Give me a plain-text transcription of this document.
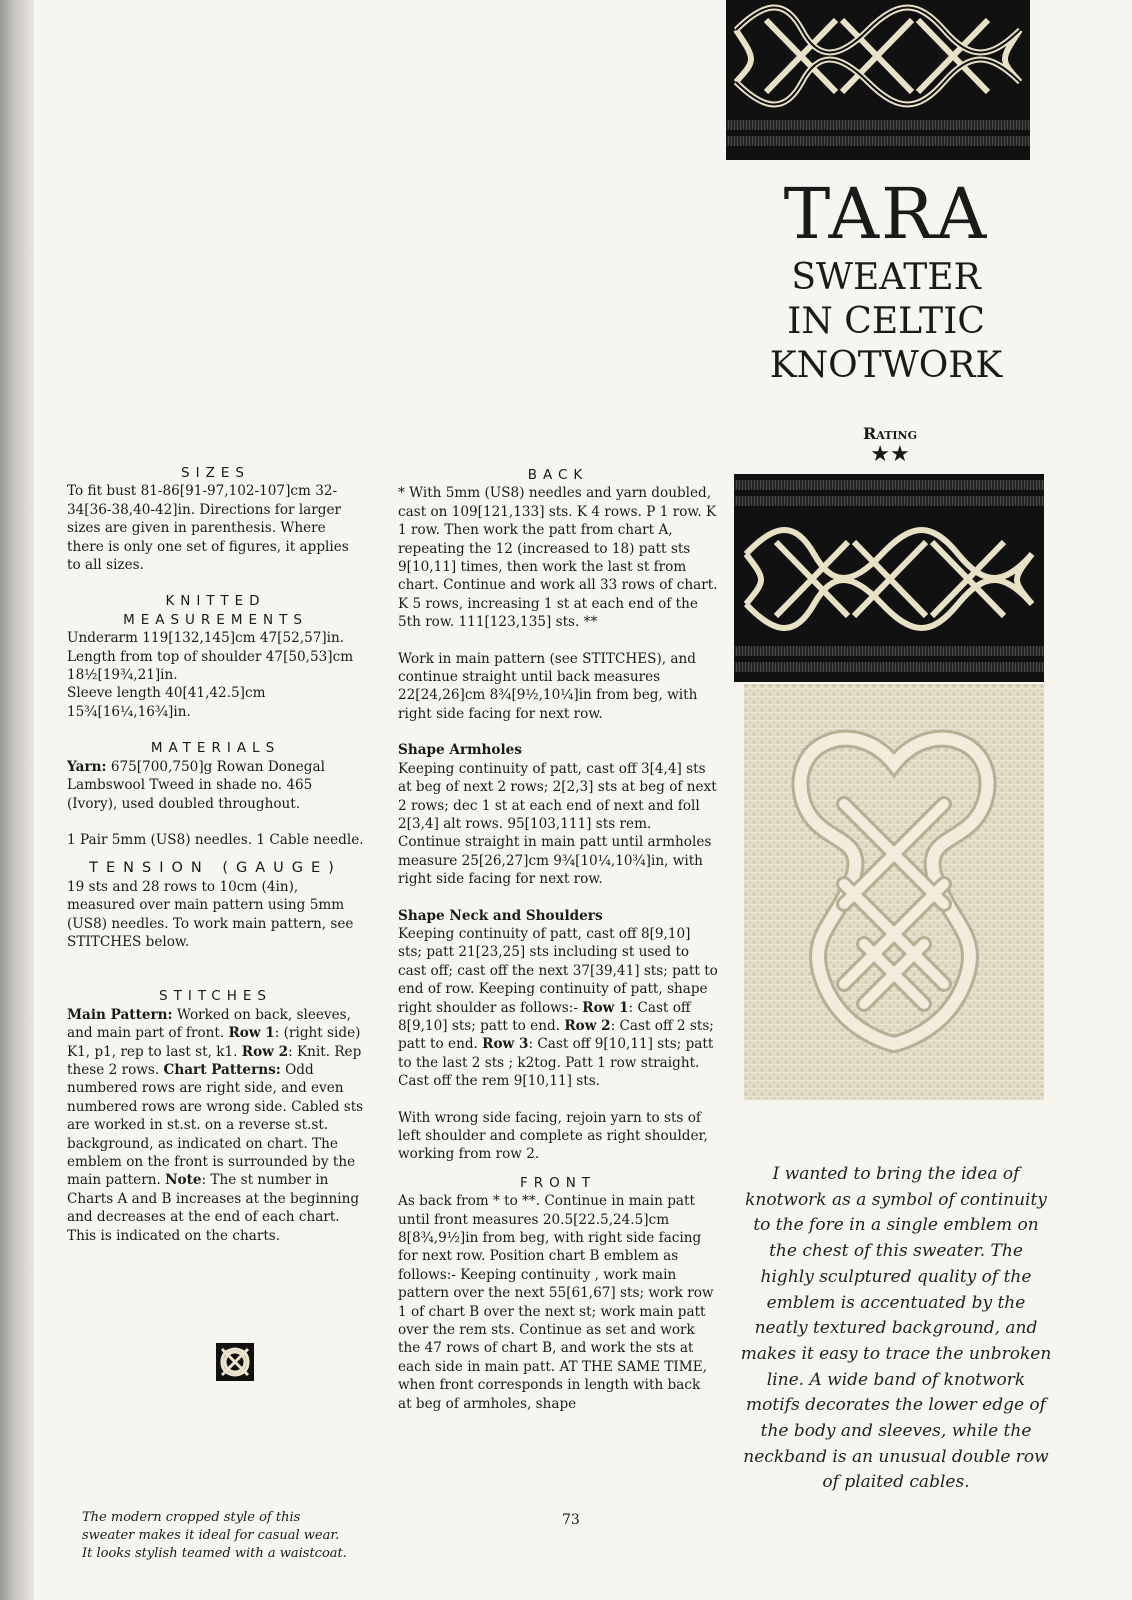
TARA
SWEATER
IN CELTIC
KNOTWORK
Rating
★★

SIZES

To fit bust 81-86[91-97,102-107]cm 32-34[36-38,40-42]in. Directions for larger sizes are given in parenthesis. Where there is only one set of figures, it applies to all sizes.

KNITTED

MEASUREMENTS

Underarm 119[132,145]cm 47[52,57]in.

Length from top of shoulder 47[50,53]cm 18½[19¾,21]in.

Sleeve length 40[41,42.5]cm 15¾[16¼,16¾]in.

MATERIALS

Yarn: 675[700,750]g Rowan Donegal Lambswool Tweed in shade no. 465 (Ivory), used doubled throughout.

1 Pair 5mm (US8) needles. 1 Cable needle.

TENSION (GAUGE)

19 sts and 28 rows to 10cm (4in), measured over main pattern using 5mm (US8) needles. To work main pattern, see STITCHES below.

STITCHES

Main Pattern: Worked on back, sleeves, and main part of front. Row 1: (right side) K1, p1, rep to last st, k1. Row 2: Knit. Rep these 2 rows. Chart Patterns: Odd numbered rows are right side, and even numbered rows are wrong side. Cabled sts are worked in st.st. on a reverse st.st. background, as indicated on chart. The emblem on the front is surrounded by the main pattern. Note: The st number in Charts A and B increases at the beginning and decreases at the end of each chart. This is indicated on the charts.

The modern cropped style of this sweater makes it ideal for casual wear. It looks stylish teamed with a waistcoat.

BACK

* With 5mm (US8) needles and yarn doubled, cast on 109[121,133] sts. K 4 rows. P 1 row. K 1 row. Then work the patt from chart A, repeating the 12 (increased to 18) patt sts 9[10,11] times, then work the last st from chart. Continue and work all 33 rows of chart. K 5 rows, increasing 1 st at each end of the 5th row. 111[123,135] sts. **

Work in main pattern (see STITCHES), and continue straight until back measures 22[24,26]cm 8¾[9½,10¼]in from beg, with right side facing for next row.

Shape Armholes

Keeping continuity of patt, cast off 3[4,4] sts at beg of next 2 rows; 2[2,3] sts at beg of next 2 rows; dec 1 st at each end of next and foll 2[3,4] alt rows. 95[103,111] sts rem. Continue straight in main patt until armholes measure 25[26,27]cm 9¾[10¼,10¾]in, with right side facing for next row.

Shape Neck and Shoulders

Keeping continuity of patt, cast off 8[9,10] sts; patt 21[23,25] sts including st used to cast off; cast off the next 37[39,41] sts; patt to end of row. Keeping continuity of patt, shape right shoulder as follows:- Row 1: Cast off 8[9,10] sts; patt to end. Row 2: Cast off 2 sts; patt to end. Row 3: Cast off 9[10,11] sts; patt to the last 2 sts ; k2tog. Patt 1 row straight. Cast off the rem 9[10,11] sts.

With wrong side facing, rejoin yarn to sts of left shoulder and complete as right shoulder, working from row 2.

FRONT

As back from * to **. Continue in main patt until front measures 20.5[22.5,24.5]cm 8[8¾,9½]in from beg, with right side facing for next row. Position chart B emblem as follows:- Keeping continuity , work main pattern over the next 55[61,67] sts; work row 1 of chart B over the next st; work main patt over the rem sts. Continue as set and work the 47 rows of chart B, and work the sts at each side in main patt. AT THE SAME TIME, when front corresponds in length with back at beg of armholes, shape

I wanted to bring the idea of knotwork as a symbol of continuity to the fore in a single emblem on the chest of this sweater. The highly sculptured quality of the emblem is accentuated by the neatly textured background, and makes it easy to trace the unbroken line. A wide band of knotwork motifs decorates the lower edge of the body and sleeves, while the neckband is an unusual double row of plaited cables.
73
